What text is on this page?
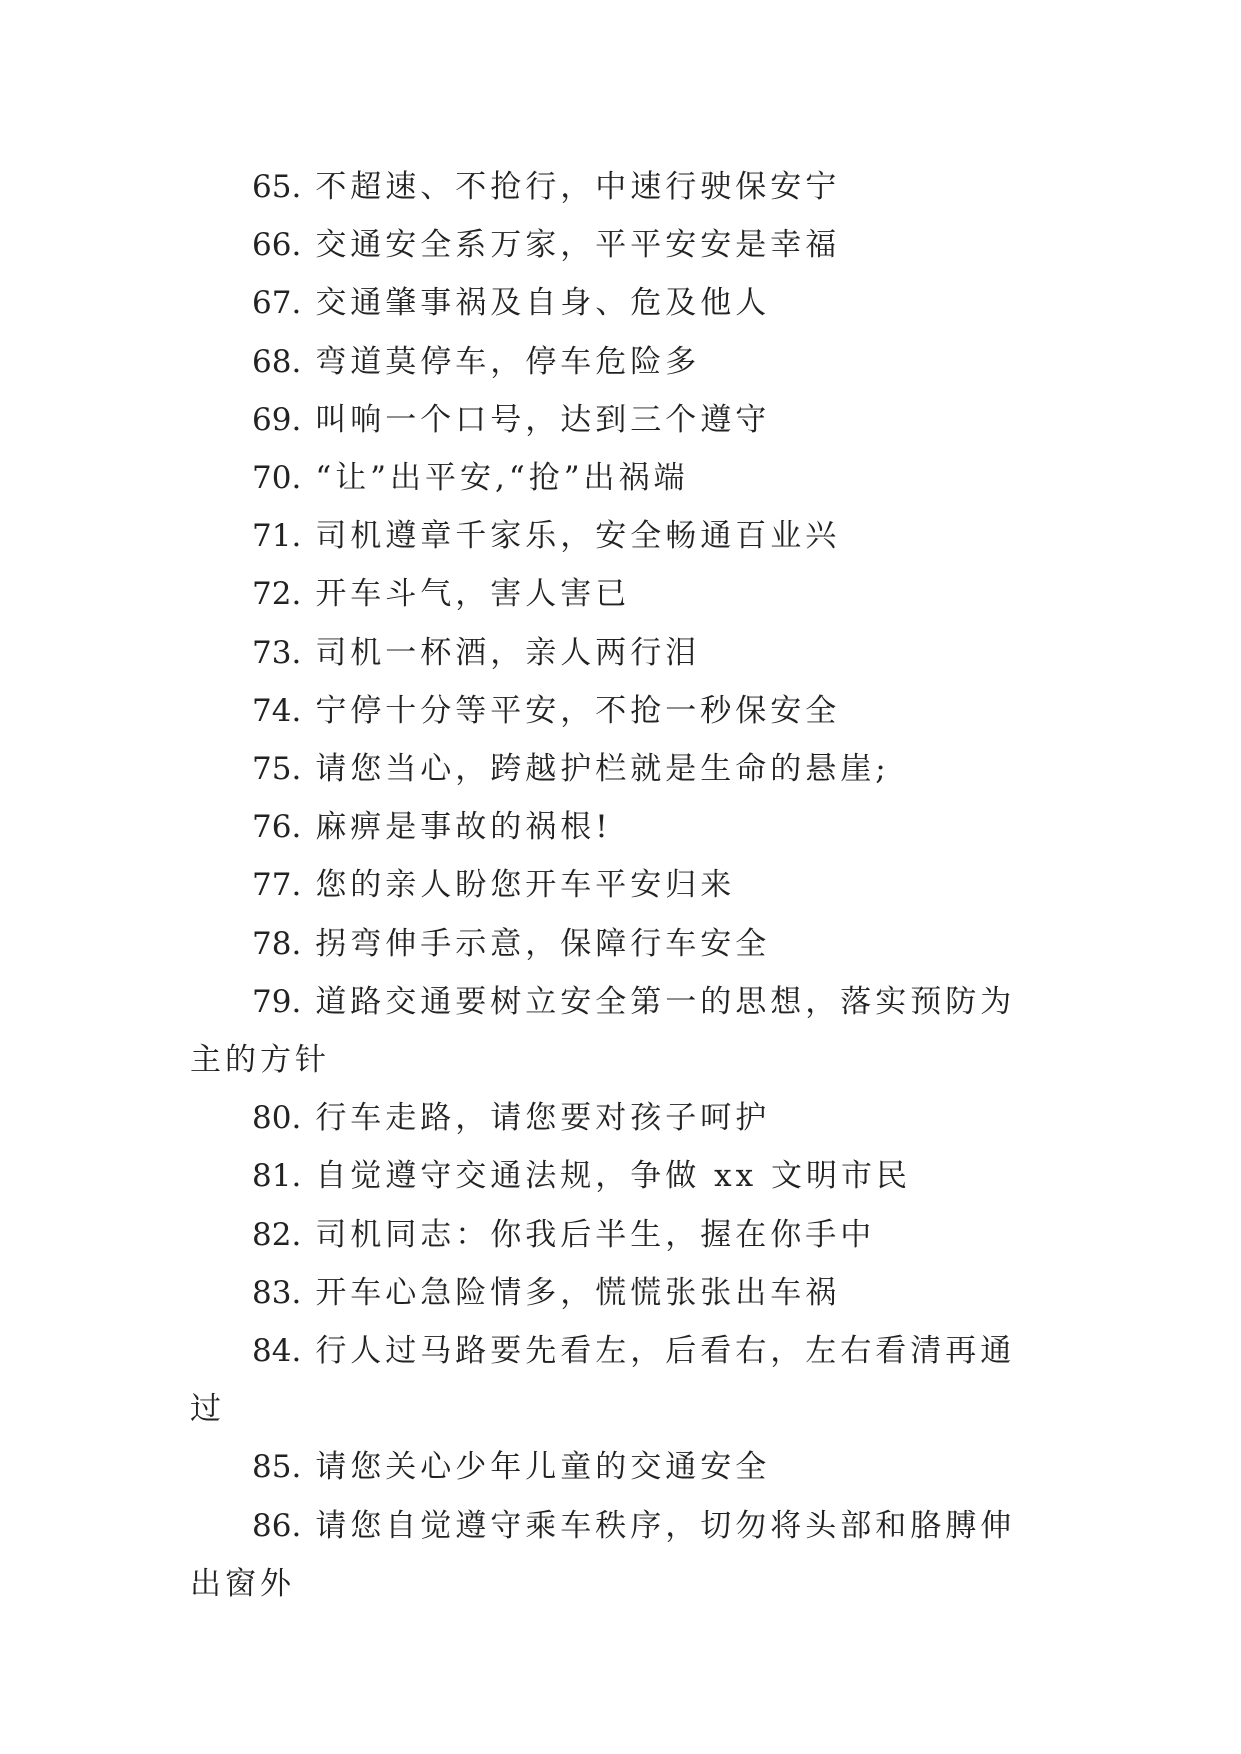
65. 不超速、不抢行，中速行驶保安宁

66. 交通安全系万家，平平安安是幸福

67. 交通肇事祸及自身、危及他人

68. 弯道莫停车，停车危险多

69. 叫响一个口号，达到三个遵守

70. “让”出平安,“抢”出祸端

71. 司机遵章千家乐，安全畅通百业兴

72. 开车斗气，害人害已

73. 司机一杯酒，亲人两行泪

74. 宁停十分等平安，不抢一秒保安全

75. 请您当心，跨越护栏就是生命的悬崖;

76. 麻痹是事故的祸根!

77. 您的亲人盼您开车平安归来

78. 拐弯伸手示意，保障行车安全

79. 道路交通要树立安全第一的思想，落实预防为主的方针

80. 行车走路，请您要对孩子呵护

81. 自觉遵守交通法规，争做 xx 文明市民

82. 司机同志：你我后半生，握在你手中

83. 开车心急险情多，慌慌张张出车祸

84. 行人过马路要先看左，后看右，左右看清再通过

85. 请您关心少年儿童的交通安全

86. 请您自觉遵守乘车秩序，切勿将头部和胳膊伸出窗外
